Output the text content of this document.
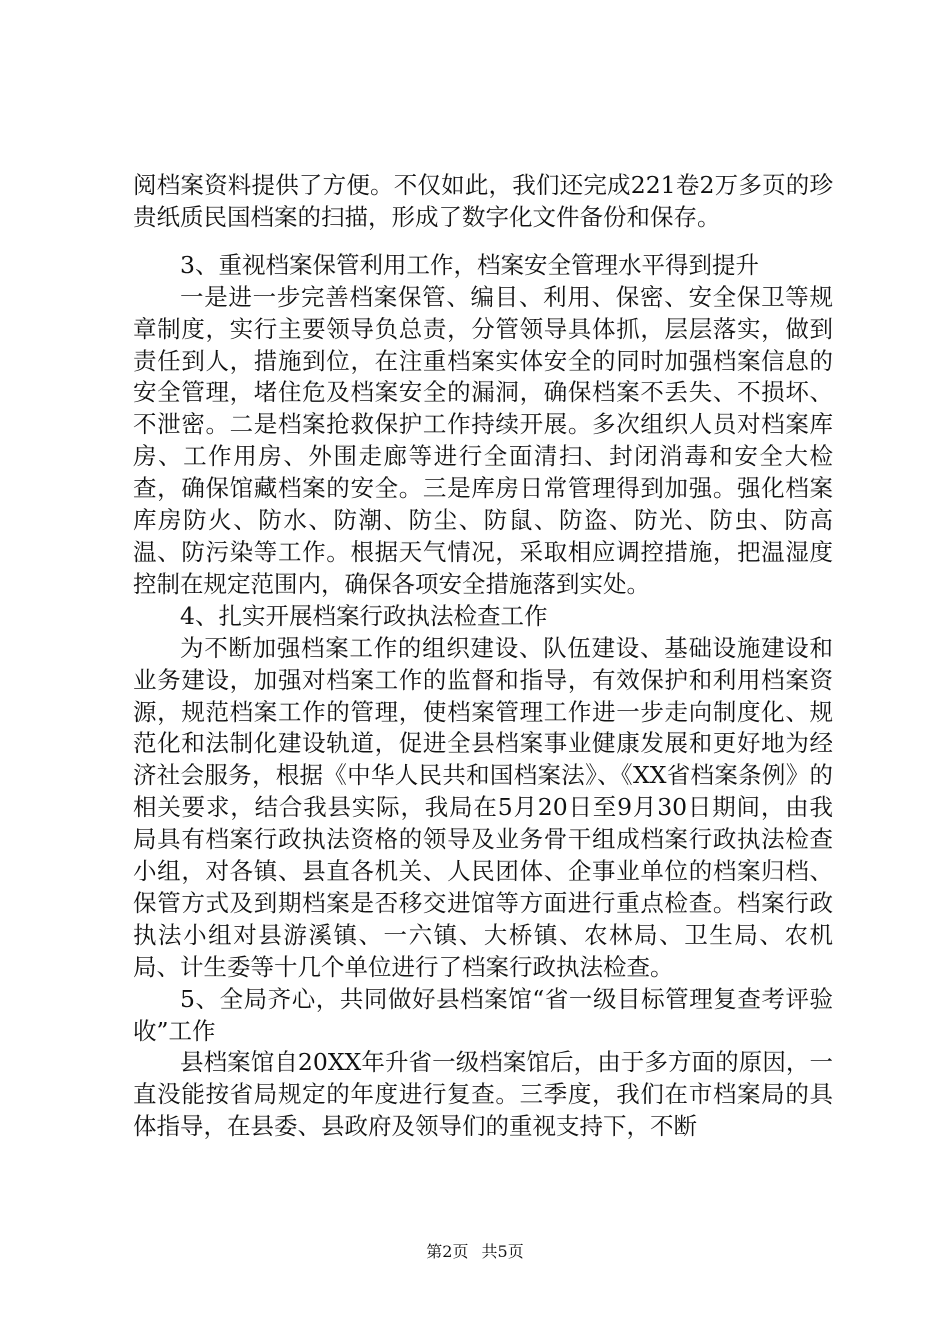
阅档案资料提供了方便。不仅如此，我们还完成221卷2万多页的珍贵纸质民国档案的扫描，形成了数字化文件备份和保存。

3、重视档案保管利用工作，档案安全管理水平得到提升

一是进一步完善档案保管、编目、利用、保密、安全保卫等规章制度，实行主要领导负总责，分管领导具体抓，层层落实，做到责任到人，措施到位，在注重档案实体安全的同时加强档案信息的安全管理，堵住危及档案安全的漏洞，确保档案不丢失、不损坏、不泄密。二是档案抢救保护工作持续开展。多次组织人员对档案库房、工作用房、外围走廊等进行全面清扫、封闭消毒和安全大检查，确保馆藏档案的安全。三是库房日常管理得到加强。强化档案库房防火、防水、防潮、防尘、防鼠、防盗、防光、防虫、防高温、防污染等工作。根据天气情况，采取相应调控措施，把温湿度控制在规定范围内，确保各项安全措施落到实处。

4、扎实开展档案行政执法检查工作

为不断加强档案工作的组织建设、队伍建设、基础设施建设和业务建设，加强对档案工作的监督和指导，有效保护和利用档案资源，规范档案工作的管理，使档案管理工作进一步走向制度化、规范化和法制化建设轨道，促进全县档案事业健康发展和更好地为经济社会服务，根据《中华人民共和国档案法》、《XX省档案条例》的相关要求，结合我县实际，我局在5月20日至9月30日期间，由我局具有档案行政执法资格的领导及业务骨干组成档案行政执法检查小组，对各镇、县直各机关、人民团体、企事业单位的档案归档、保管方式及到期档案是否移交进馆等方面进行重点检查。档案行政执法小组对县游溪镇、一六镇、大桥镇、农林局、卫生局、农机局、计生委等十几个单位进行了档案行政执法检查。

5、全局齐心，共同做好县档案馆“省一级目标管理复查考评验收”工作

县档案馆自20XX年升省一级档案馆后，由于多方面的原因，一直没能按省局规定的年度进行复查。三季度，我们在市档案局的具体指导，在县委、县政府及领导们的重视支持下，不断

第2页 共5页
